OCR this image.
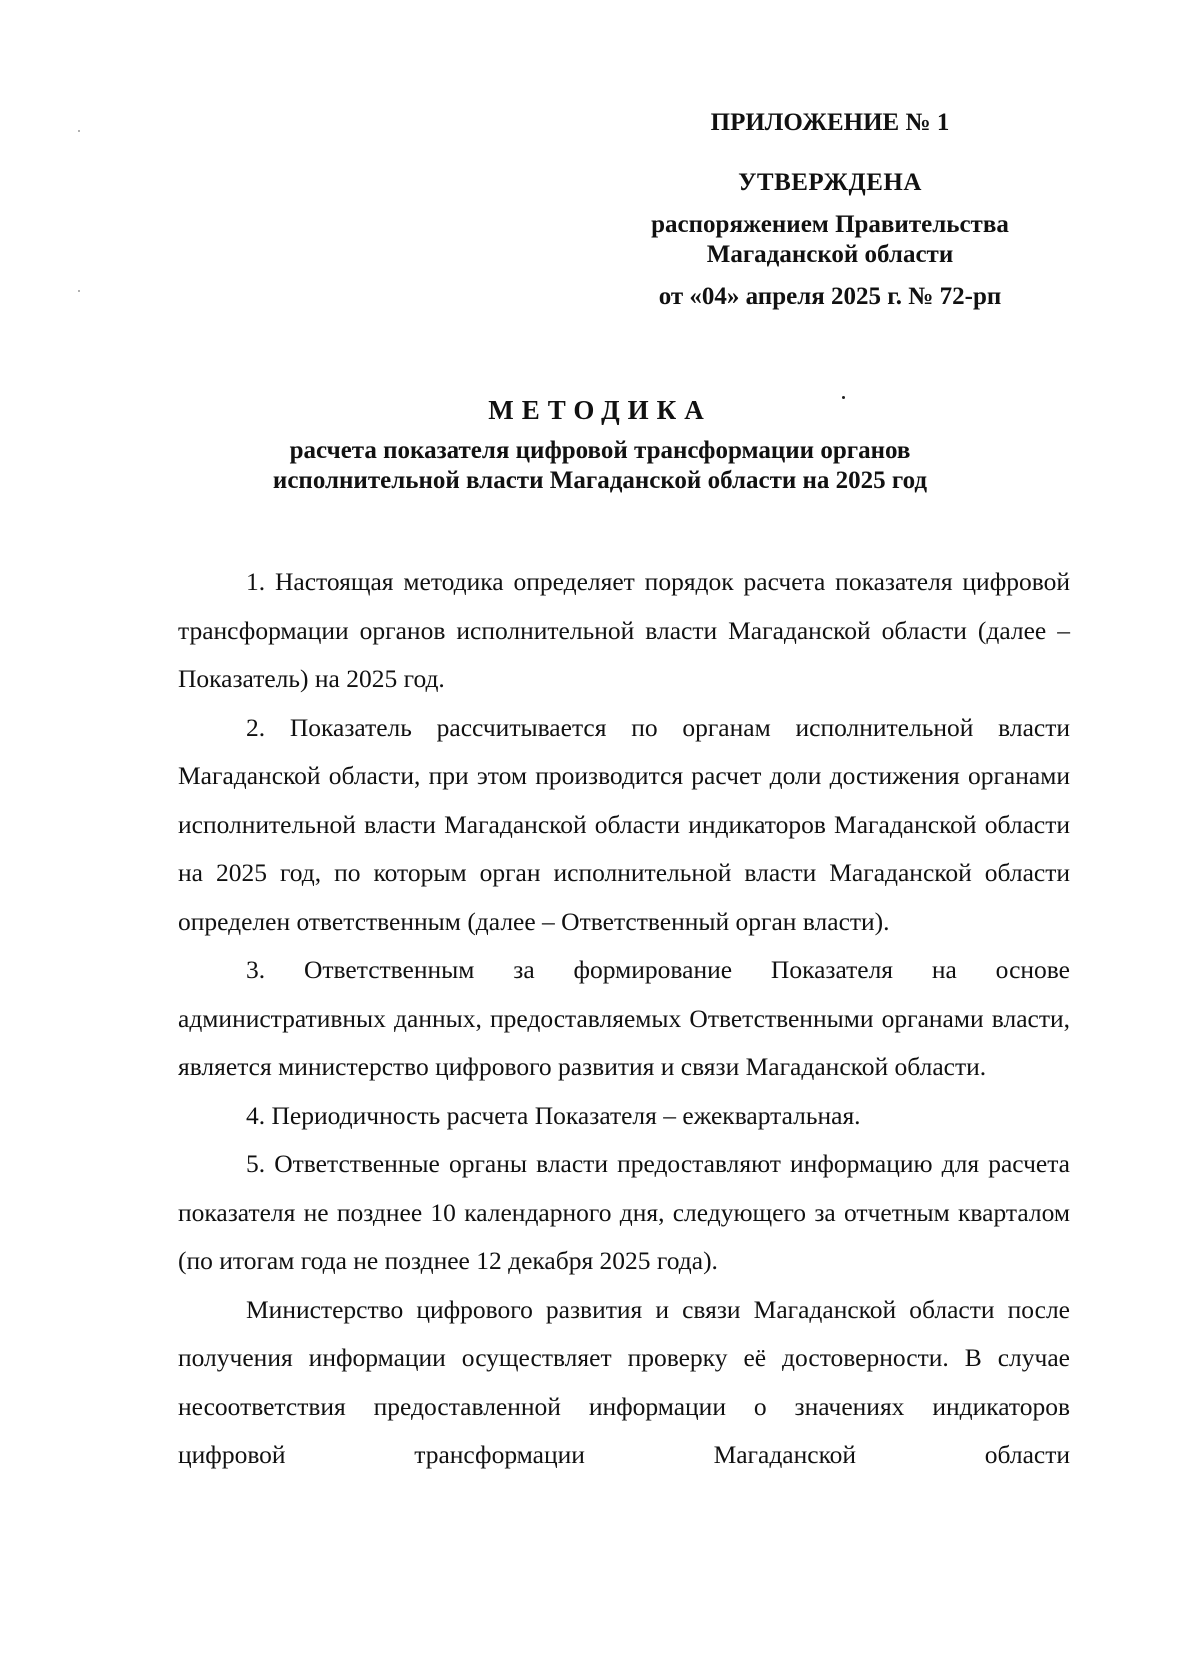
ПРИЛОЖЕНИЕ № 1
УТВЕРЖДЕНА
распоряжением Правительства
Магаданской области
от «04» апреля 2025 г. № 72-рп
МЕТОДИКА
расчета показателя цифровой трансформации органов
исполнительной власти Магаданской области на 2025 год

1. Настоящая методика определяет порядок расчета показателя цифровой трансформации органов исполнительной власти Магаданской области (далее – Показатель) на 2025 год.

2. Показатель рассчитывается по органам исполнительной власти Магаданской области, при этом производится расчет доли достижения органами исполнительной власти Магаданской области индикаторов Магаданской области на 2025 год, по которым орган исполнительной власти Магаданской области определен ответственным (далее – Ответственный орган власти).

3. Ответственным за формирование Показателя на основе административных данных, предоставляемых Ответственными органами власти, является министерство цифрового развития и связи Магаданской области.

4. Периодичность расчета Показателя – ежеквартальная.

5. Ответственные органы власти предоставляют информацию для расчета показателя не позднее 10 календарного дня, следующего за отчетным кварталом (по итогам года не позднее 12 декабря 2025 года).

Министерство цифрового развития и связи Магаданской области после получения информации осуществляет проверку её достоверности. В случае несоответствия предоставленной информации о значениях индикаторов цифровой трансформации Магаданской области
